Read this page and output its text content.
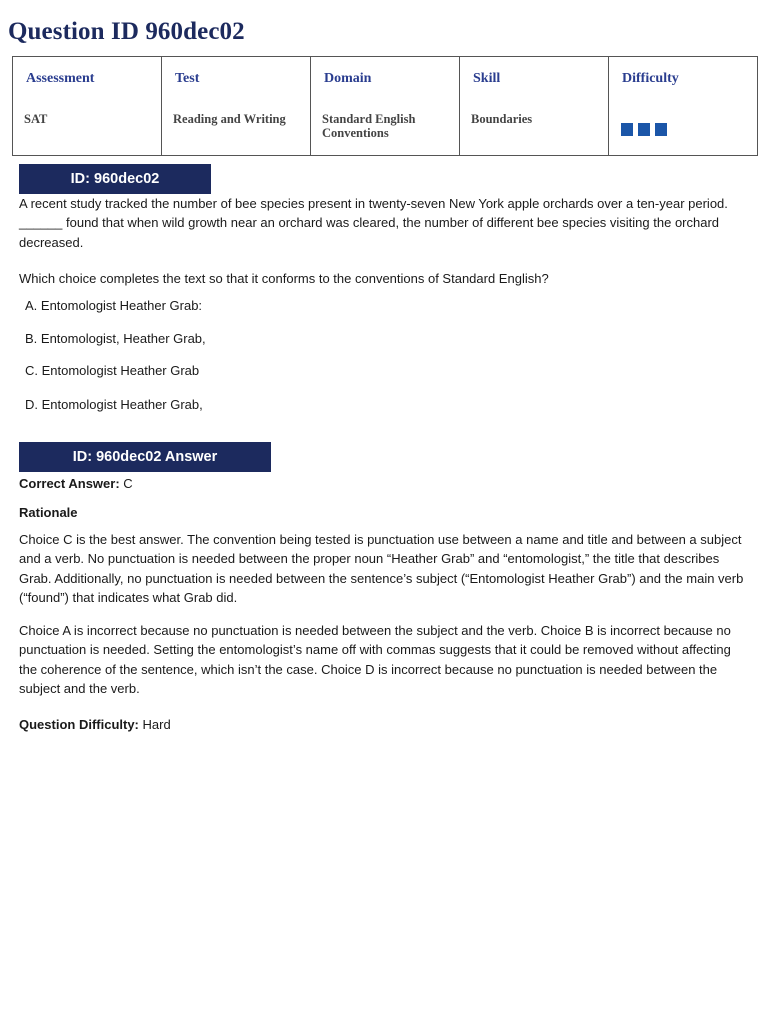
Question ID 960dec02
Assessment
SAT
Test
Reading and Writing
Domain
Standard English Conventions
Skill
Boundaries
Difficulty
ID: 960dec02

A recent study tracked the number of bee species present in twenty-seven New York apple orchards over a ten-year period. ______ found that when wild growth near an orchard was cleared, the number of different bee species visiting the orchard decreased.

Which choice completes the text so that it conforms to the conventions of Standard English?

A. Entomologist Heather Grab:
B. Entomologist, Heather Grab,
C. Entomologist Heather Grab
D. Entomologist Heather Grab,
ID: 960dec02 Answer
Correct Answer: C
Rationale

Choice C is the best answer. The convention being tested is punctuation use between a name and title and between a subject and a verb. No punctuation is needed between the proper noun “Heather Grab” and “entomologist,” the title that describes Grab. Additionally, no punctuation is needed between the sentence’s subject (“Entomologist Heather Grab”) and the main verb (“found”) that indicates what Grab did.

Choice A is incorrect because no punctuation is needed between the subject and the verb. Choice B is incorrect because no punctuation is needed. Setting the entomologist’s name off with commas suggests that it could be removed without affecting the coherence of the sentence, which isn’t the case. Choice D is incorrect because no punctuation is needed between the subject and the verb.

Question Difficulty: Hard
